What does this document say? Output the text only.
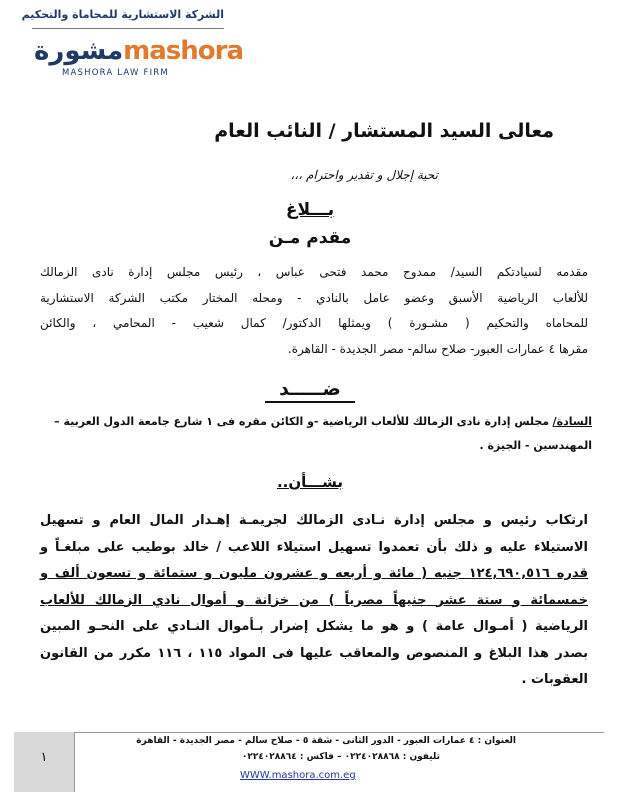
الشركة الاستشارية للمحاماة والتحكيم
مشورةmashora
MASHORA LAW FIRM
معالى السيد المستشار / النائب العام
تحية إجلال و تقدير واحترام ،،،
بـــلاغ
مقدم مـن

مقدمه لسيادتكم السيد/ ممدوح محمد فتحى عباس ، رئيس مجلس إدارة نادى الزمالك

للألعاب الرياضية الأسبق وعضو عامل بالنادي - ومحله المختار مكتب الشركة الاستشارية

للمحاماه والتحكيم ( مشـورة ) ويمثلها الدكتور/ كمال شعيب - المحامي ، والكائن

مقرها ٤ عمارات العبور- صلاح سالم- مصر الجديدة - القاهرة.

ضـــــد
السادة/ مجلس إدارة نادى الزمالك للألعاب الرياضية -و الكائن مقره فى ١ شارع جامعة الدول العربية –
المهندسين - الجيزة .
بشـــأن..

ارتكاب رئيس و مجلس إدارة نـادى الزمالك لجريمـة إهـدار المال العام و تسهيل

الاستيلاء عليه و ذلك بأن تعمدوا تسهيل استيلاء اللاعب / خالد بوطيب على مبلغـاً و

قدره ١٢٤,٦٩٠,٥١٦ جنيه ( مائة و أربعه و عشرون مليون و ستمائة و تسعون ألف و

خمسمائة و ستة عشر جنيهاً مصرياً ) من خزانة و أموال نادي الزمالك للألعاب

الرياضية ( أمـوال عامة ) و هو ما يشكل إضرار بـأموال النـادي على النحـو المبين

بصدر هذا البلاغ و المنصوص والمعاقب عليها فى المواد ١١٥ ، ١١٦ مكرر من القانون

العقوبات .

١
العنوان : ٤ عمارات العبور - الدور الثانى - شقة ٥ - صلاح سالم - مصر الجديدة - القاهرة
تليفون : ٠٢٢٤٠٢٨٨٦٨ – فاكس : ٠٢٢٤٠٢٨٨٦٤
WWW.mashora.com.eg
